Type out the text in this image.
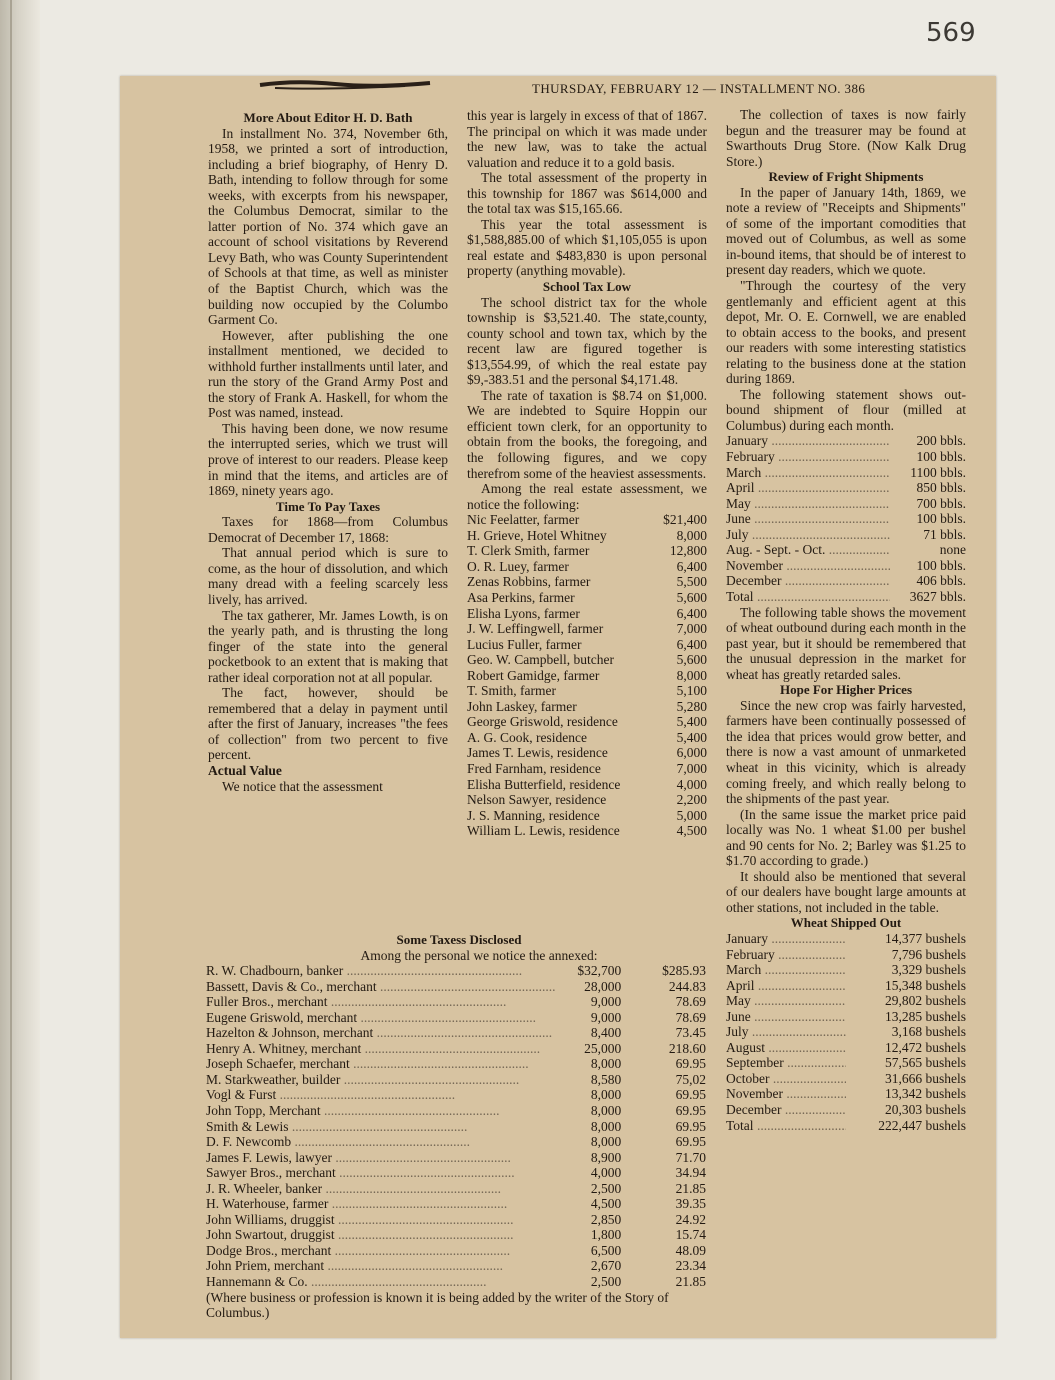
569
THURSDAY, FEBRUARY 12 — INSTALLMENT NO. 386
More About Editor H. D. Bath

In installment No. 374, November 6th, 1958, we printed a sort of introduction, including a brief biography, of Henry D. Bath, intending to follow through for some weeks, with excerpts from his newspaper, the Columbus Democrat, similar to the latter portion of No. 374 which gave an account of school visitations by Reverend Levy Bath, who was County Superintendent of Schools at that time, as well as minister of the Baptist Church, which was the building now occupied by the Columbo Garment Co.

However, after publishing the one installment mentioned, we decided to withhold further installments until later, and run the story of the Grand Army Post and the story of Frank A. Haskell, for whom the Post was named, instead.

This having been done, we now resume the interrupted series, which we trust will prove of interest to our readers. Please keep in mind that the items, and articles are of 1869, ninety years ago.

Time To Pay Taxes

Taxes for 1868—from Columbus Democrat of December 17, 1868:

That annual period which is sure to come, as the hour of dissolution, and which many dread with a feeling scarcely less lively, has arrived.

The tax gatherer, Mr. James Lowth, is on the yearly path, and is thrusting the long finger of the state into the general pocketbook to an extent that is making that rather ideal corporation not at all popular.

The fact, however, should be remembered that a delay in payment until after the first of January, increases "the fees of collection" from two percent to five percent.

Actual Value

We notice that the assessment

this year is largely in excess of that of 1867. The principal on which it was made under the new law, was to take the actual valuation and reduce it to a gold basis.

The total assessment of the property in this township for 1867 was $614,000 and the total tax was $15,165.66.

This year the total assessment is $1,588,885.00 of which $1,105,055 is upon real estate and $483,830 is upon personal property (anything movable).

School Tax Low

The school district tax for the whole township is $3,521.40. The state,county, county school and town tax, which by the recent law are figured together is $13,554.99, of which the real estate pay $9,-383.51 and the personal $4,171.48.

The rate of taxation is $8.74 on $1,000. We are indebted to Squire Hoppin our efficient town clerk, for an opportunity to obtain from the books, the foregoing, and the following figures, and we copy therefrom some of the heaviest assessments.

Among the real estate assessment, we notice the following:

Nic Feelatter, farmer	$21,400
H. Grieve, Hotel Whitney	8,000
T. Clerk Smith, farmer	12,800
O. R. Luey, farmer	6,400
Zenas Robbins, farmer	5,500
Asa Perkins, farmer	5,600
Elisha Lyons, farmer	6,400
J. W. Leffingwell, farmer	7,000
Lucius Fuller, farmer	6,400
Geo. W. Campbell, butcher	5,600
Robert Gamidge, farmer	8,000
T. Smith, farmer	5,100
John Laskey, farmer	5,280
George Griswold, residence	5,400
A. G. Cook, residence	5,400
James T. Lewis, residence	6,000
Fred Farnham, residence	7,000
Elisha Butterfield, residence	4,000
Nelson Sawyer, residence	2,200
J. S. Manning, residence	5,000
William L. Lewis, residence	4,500
Some Taxess Disclosed

Among the personal we notice the annexed:

R. W. Chadbourn, banker .....	$32,700	$285.93
Bassett, Davis & Co., merchant .....	28,000	244.83
Fuller Bros., merchant .....	9,000	78.69
Eugene Griswold, merchant .....	9,000	78.69
Hazelton & Johnson, merchant .....	8,400	73.45
Henry A. Whitney, merchant .....	25,000	218.60
Joseph Schaefer, merchant .....	8,000	69.95
M. Starkweather, builder .....	8,580	75,02
Vogl & Furst .....	8,000	69.95
John Topp, Merchant .....	8,000	69.95
Smith & Lewis .....	8,000	69.95
D. F. Newcomb .....	8,000	69.95
James F. Lewis, lawyer .....	8,900	71.70
Sawyer Bros., merchant .....	4,000	34.94
J. R. Wheeler, banker .....	2,500	21.85
H. Waterhouse, farmer .....	4,500	39.35
John Williams, druggist .....	2,850	24.92
John Swartout, druggist .....	1,800	15.74
Dodge Bros., merchant .....	6,500	48.09
John Priem, merchant .....	2,670	23.34
Hannemann & Co. .....	2,500	21.85

(Where business or profession is known it is being added by the writer of the Story of Columbus.)

The collection of taxes is now fairly begun and the treasurer may be found at Swarthouts Drug Store. (Now Kalk Drug Store.)

Review of Fright Shipments

In the paper of January 14th, 1869, we note a review of "Receipts and Shipments" of some of the important comodities that moved out of Columbus, as well as some in-bound items, that should be of interest to present day readers, which we quote.

"Through the courtesy of the very gentlemanly and efficient agent at this depot, Mr. O. E. Cornwell, we are enabled to obtain access to the books, and present our readers with some interesting statistics relating to the business done at the station during 1869.

The following statement shows out-bound shipment of flour (milled at Columbus) during each month.

January .....	200 bbls.
February .....	100 bbls.
March .....	1100 bbls.
April .....	850 bbls.
May .....	700 bbls.
June .....	100 bbls.
July .....	71 bbls.
Aug. - Sept. - Oct. .....	none
November .....	100 bbls.
December .....	406 bbls.
Total .....	3627 bbls.

The following table shows the movement of wheat outbound during each month in the past year, but it should be remembered that the unusual depression in the market for wheat has greatly retarded sales.

Hope For Higher Prices

Since the new crop was fairly harvested, farmers have been continually possessed of the idea that prices would grow better, and there is now a vast amount of unmarketed wheat in this vicinity, which is already coming freely, and which really belong to the shipments of the past year.

(In the same issue the market price paid locally was No. 1 wheat $1.00 per bushel and 90 cents for No. 2; Barley was $1.25 to $1.70 according to grade.)

It should also be mentioned that several of our dealers have bought large amounts at other stations, not included in the table.

Wheat Shipped Out
January .....	14,377 bushels
February .....	7,796 bushels
March .....	3,329 bushels
April .....	15,348 bushels
May .....	29,802 bushels
June .....	13,285 bushels
July .....	3,168 bushels
August .....	12,472 bushels
September .....	57,565 bushels
October .....	31,666 bushels
November .....	13,342 bushels
December .....	20,303 bushels
Total .....	222,447 bushels
